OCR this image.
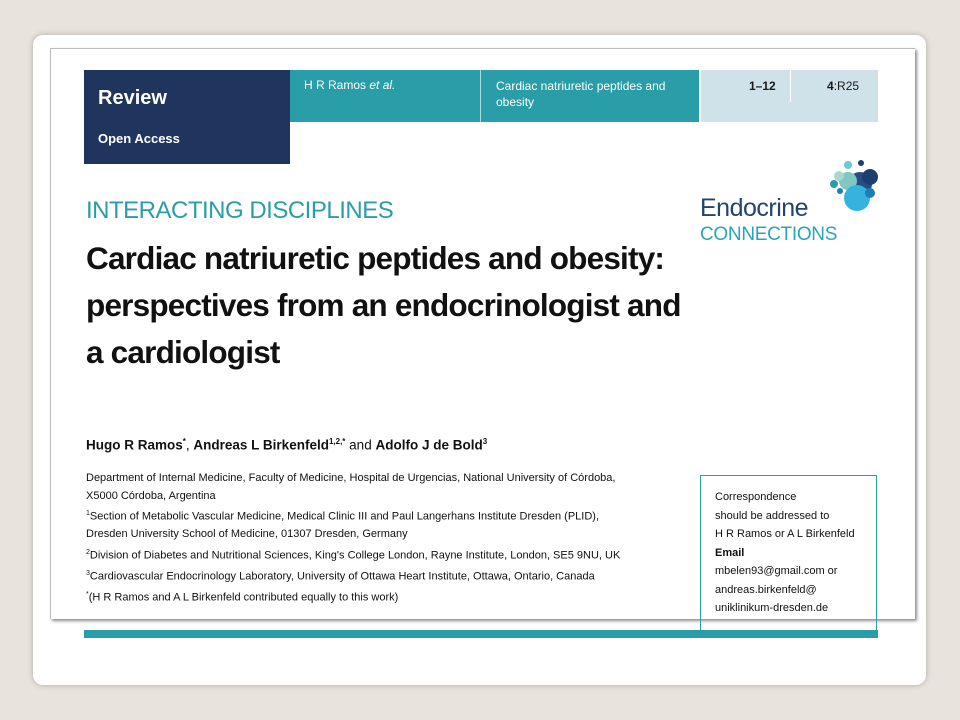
Review
Open Access
H R Ramos et al.	Cardiac natriuretic peptides and obesity
1–12	4:R25
Endocrine
CONNECTIONS
INTERACTING DISCIPLINES
Cardiac natriuretic peptides and obesity: perspectives from an endocrinologist and a cardiologist
Hugo R Ramos*, Andreas L Birkenfeld$^{1,2,*}$ and Adolfo J de Bold$^3$
Department of Internal Medicine, Faculty of Medicine, Hospital de Urgencias, National University of Córdoba,
X5000 Córdoba, Argentina
$^1$Section of Metabolic Vascular Medicine, Medical Clinic III and Paul Langerhans Institute Dresden (PLID),
Dresden University School of Medicine, 01307 Dresden, Germany
$^2$Division of Diabetes and Nutritional Sciences, King's College London, Rayne Institute, London, SE5 9NU, UK
$^3$Cardiovascular Endocrinology Laboratory, University of Ottawa Heart Institute, Ottawa, Ontario, Canada
*(H R Ramos and A L Birkenfeld contributed equally to this work)
Correspondence
should be addressed to
H R Ramos or A L Birkenfeld
Email
mbelen93@gmail.com or
andreas.birkenfeld@
uniklinikum-dresden.de
